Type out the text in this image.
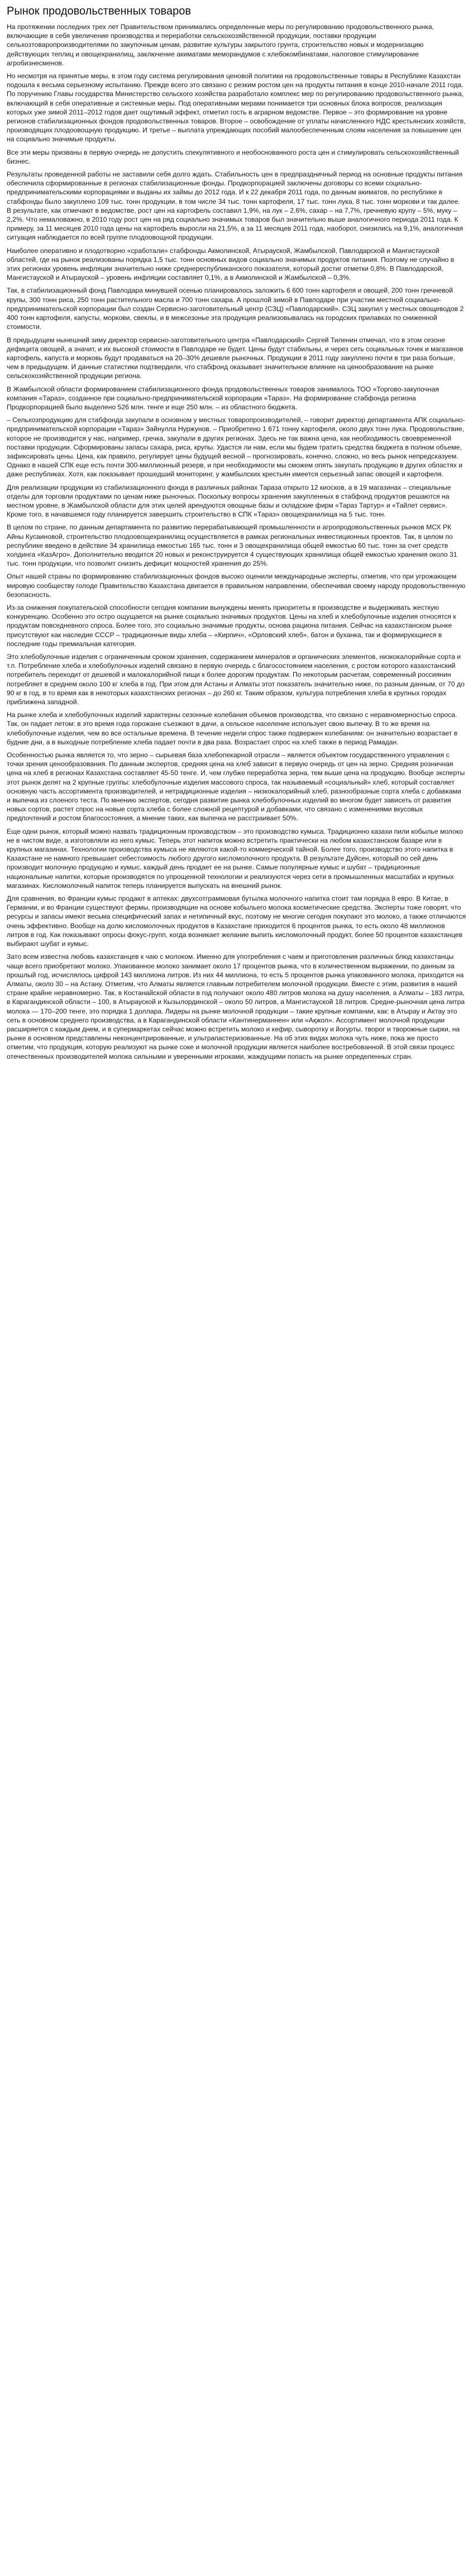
Рынок продовольственных товаров

На протяжении последних трех лет Правительством принимались определенные меры по регулированию продовольственного рынка, включающие в себя увеличение производства и переработки сельскохозяйственной продукции, поставки продукции сельхозтоваропроизводителями по закупочным ценам, развитие культуры закрытого грунта, строительство новых и модернизацию действующих теплиц и овощехранилищ, заключение акиматами меморандумов с хлебокомбинатами, налоговое стимулирование агробизнесменов.

Но несмотря на принятые меры, в этом году система регулирования ценовой политики на продовольственные товары в Республике Казахстан подошла к весьма серьезному испытанию. Прежде всего это связано с резким ростом цен на продукты питания в конце 2010-начале 2011 года. По поручению Главы государства Министерство сельского хозяйства разработало комплекс мер по регулированию продовольственного рынка, включающий в себя оперативные и системные меры. Под оперативными мерами понимается три основных блока вопросов, реализация которых уже зимой 2011–2012 годов дает ощутимый эффект, отметил гость в аграрном ведомстве. Первое – это формирование на уровне регионов стабилизационных фондов продовольственных товаров. Второе – освобождение от уплаты начисленного НДС крестьянских хозяйств, производящих плодоовощную продукцию. И третье – выплата упреждающих пособий малообеспеченным слоям населения за повышение цен на социально значимые продукты.

Все эти меры призваны в первую очередь не допустить спекулятивного и необоснованного роста цен и стимулировать сельскохозяйственный бизнес.

Результаты проведенной работы не заставили себя долго ждать. Стабильность цен в предпраздничный период на основные продукты питания обеспечила сформированные в регионах стабилизационные фонды. Продкорпорацией заключены договоры со всеми социально-предпринимательскими корпорациями и выданы их займы до 2012 года. И к 22 декабря 2011 года, по данным акиматов, по республике в стабфонды было закуплено 109 тыс. тонн продукции, в том числе 34 тыс. тонн картофеля, 17 тыс. тонн лука, 8 тыс. тонн моркови и так далее. В результате, как отмечают в ведомстве, рост цен на картофель составил 1,9%, на лук – 2,6%, сахар – на 7,7%, гречневую крупу – 5%, муку – 2,2%. Что немаловажно, в 2010 году рост цен на ряд социально значимых товаров был значительно выше аналогичного периода 2011 года. К примеру, за 11 месяцев 2010 года цены на картофель выросли на 21,5%, а за 11 месяцев 2011 года, наоборот, снизились на 9,1%, аналогичная ситуация наблюдается по всей группе плодоовощной продукции.

Наиболее оперативно и плодотворно «сработали» стабфонды Акмолинской, Атырауской, Жамбылской, Павлодарской и Мангистауской областей, где на рынок реализованы порядка 1,5 тыс. тонн основных видов социально значимых продуктов питания. Поэтому не случайно в этих регионах уровень инфляции значительно ниже среднереспубликанского показателя, который достиг отметки 0,8%. В Павлодарской, Мангистауской и Атырауской – уровень инфляции составляет 0,1%, а в Акмолинской и Жамбылской – 0,3%.

Так, в стабилизационный фонд Павлодара минувшей осенью планировалось заложить 6 600 тонн картофеля и овощей, 200 тонн гречневой крупы, 300 тонн риса, 250 тонн растительного масла и 700 тонн сахара. А прошлой зимой в Павлодаре при участии местной социально-предпринимательской корпорации был создан Сервисно-заготовительный центр (СЗЦ) «Павлодарский». СЗЦ закупил у местных овощеводов 2 400 тонн картофеля, капусты, моркови, свеклы, и в межсезонье эта продукция реализовывалась на городских прилавках по сниженной стоимости.

В предыдущем нынешний зиму директор сервисно-заготовительного центра «Павлодарский» Сергей Тиленин отмечал, что в этом сезоне дефицита овощей, а значит, и их высокой стоимости в Павлодаре не будет. Цены будут стабильны, и через сеть социальных точек и магазинов картофель, капуста и морковь будут продаваться на 20–30% дешевле рыночных. Продукции в 2011 году закуплено почти в три раза больше, чем в предыдущем. И данные статистики подтвердили, что стабфонд оказывает значительное влияние на ценообразование на рынке сельскохозяйственной продукции региона.

В Жамбылской области формированием стабилизационного фонда продовольственных товаров занималось ТОО «Торгово-закупочная компания «Тараз», созданное при социально-предпринимательской корпорации «Тараз». На формирование стабфонда региона Продкорпорацией было выделено 526 млн. тенге и еще 250 млн. – из областного бюджета.

– Сельхозпродукцию для стабфонда закупали в основном у местных товаропроизводителей, – говорит директор департамента АПК социально-предпринимательской корпорации «Тараз» Зайнулла Нуржунов. – Приобретено 1 671 тонну картофеля, около двух тонн лука. Продовольствие, которое не производится у нас, например, гречка, закупали в других регионах. Здесь не так важна цена, как необходимость своевременной поставки продукции. Сформированы запасы сахара, риса, крупы. Удастся ли нам, если мы будем тратить средства бюджета в полном объеме, зафиксировать цены. Цена, как правило, регулирует цены будущей весной – прогнозировать, конечно, сложно, но весь рынок непредсказуем. Однако в нашей СПК еще есть почти 300-миллионный резерв, и при необходимости мы сможем опять закупать продукцию в других областях и даже республиках. Хотя, как показывает прошедший мониторинг, у жамбылских крестьян имеется серьезный запас овощей и картофеля.

Для реализации продукции из стабилизационного фонда в различных районах Тараза открыто 12 киосков, а в 19 магазинах – специальные отделы для торговли продуктами по ценам ниже рыночных. Поскольку вопросы хранения закупленных в стабфонд продуктов решаются на местном уровне, в Жамбылской области для этих целей арендуются овощные базы и складские фирм «Тараз Тартур» и «Тайлет сервис». Кроме того, в начавшемся году планируется завершить строительство в СПК «Тараз» овощехранилища на 5 тыс. тонн.

В целом по стране, по данным департамента по развитию перерабатывающей промышленности и агропродовольственных рынков МСХ РК Айны Кусаиновой, строительство плодоовощехранилищ осуществляется в рамках региональных инвестиционных проектов. Так, в целом по республике введено в действие 34 хранилища емкостью 165 тыс. тонн и 3 овощехранилища общей емкостью 60 тыс. тонн за счет средств холдинга «КазАгро». Дополнительно вводится 20 новых и реконструируется 4 существующих хранилища общей емкостью хранения около 31 тыс. тонн продукции, что позволит снизить дефицит мощностей хранения до 25%.

Опыт нашей страны по формированию стабилизационных фондов высоко оценили международные эксперты, отметив, что при угрожающем мировую сообществу голоде Правительство Казахстана двигается в правильном направлении, обеспечивая своему народу продовольственную безопасность.

Из-за снижения покупательской способности сегодня компании вынуждены менять приоритеты в производстве и выдерживать жесткую конкуренцию. Особенно это остро ощущается на рынке социально значимых продуктов. Цены на хлеб и хлебобулочные изделия относятся к продуктам повседневного спроса. Более того, это социально значимые продукты, основа рациона питания. Сейчас на казахстанском рынке присутствуют как наследие СССР – традиционные виды хлеба – «Кирпич», «Орловский хлеб», батон и буханка, так и формирующиеся в последние годы премиальная категория.

Это хлебобулочные изделия с ограниченным сроком хранения, содержанием минералов и органических элементов, низкокалорийные сорта и т.п. Потребление хлеба и хлебобулочных изделий связано в первую очередь с благосостоянием населения, с ростом которого казахстанский потребитель переходит от дешевой и малокалорийной пищи к более дорогим продуктам. По некоторым расчетам, современный россиянин потребляет в среднем около 100 кг хлеба в год. При этом для Астаны и Алматы этот показатель значительно ниже, по разным данным, от 70 до 90 кг в год, в то время как в некоторых казахстанских регионах – до 260 кг. Таким образом, культура потребления хлеба в крупных городах приближена западной.

На рынке хлеба и хлебобулочных изделий характерны сезонные колебания объемов производства, что связано с неравномерностью спроса. Так, он падает летом: в это время года горожане съезжают в дачи, а сельское население использует свою выпечку. В то же время на хлебобулочные изделия, чем во все остальные времена. В течение недели спрос также подвержен колебаниям: он значительно возрастает в будние дни, а в выходные потребление хлеба падает почти в два раза. Возрастает спрос на хлеб также в период Рамадан.

Особенностью рынка является то, что зерно – сырьевая база хлебопекарной отрасли – является объектом государственного управления с точки зрения ценообразования. По данным экспертов, средняя цена на хлеб зависит в первую очередь от цен на зерно. Средняя розничная цена на хлеб в регионах Казахстана составляет 45-50 тенге. И, чем глубже переработка зерна, тем выше цена на продукцию. Вообще эксперты этот рынок делят на 2 крупные группы: хлебобулочные изделия массового спроса, так называемый «социальный» хлеб, который составляет основную часть ассортимента производителей, и нетрадиционные изделия – низкокалорийный хлеб, разнообразные сорта хлеба с добавками и выпечка из слоеного теста. По мнению экспертов, сегодня развитие рынка хлебобулочных изделий во многом будет зависеть от развития новых сортов, растет спрос на новые сорта хлеба с более сложной рецептурой и добавками, что связано с изменениями вкусовых предпочтений и ростом благосостояния, а мнение таких, как выпечка не расстраивает 50%.

Еще одни рынок, который можно назвать традиционным производством – это производство кумыса. Традиционно казахи пили кобылье молоко не в чистом виде, а изготовляли из него кумыс. Теперь этот напиток можно встретить практически на любом казахстанском базаре или в крупных магазинах. Технологии производства кумыса не являются какой-то коммерческой тайной. Более того, производство этого напитка в Казахстане не намного превышает себестоимость любого другого кисломолочного продукта. В результате Дуйсен, который по сей день производит молочную продукцию и кумыс, каждый день продает ее на рынке. Самые популярные кумыс и шубат – традиционные национальные напитки, которые производятся по упрощенной технологии и реализуются через сети в промышленных масштабах и крупных магазинах. Кисломолочный напиток теперь планируется выпускать на внешний рынок.

Для сравнения, во Франции кумыс продают в аптеках: двухсотграммовая бутылка молочного напитка стоит там порядка 8 евро. В Китае, в Германии, и во Франции существуют фермы, производящие на основе кобыльего молока косметические средства. Эксперты тоже говорят, что ресурсы и запасы имеют весьма специфический запах и нетипичный вкус, поэтому не многие сегодня покупают это молоко, а также отличаются очень эффективно. Вообще на долю кисломолочных продуктов в Казахстане приходится 6 процентов рынка, то есть около 48 миллионов литров в год. Как показывают опросы фокус-групп, когда возникает желание выпить кисломолочный продукт, более 50 процентов казахстанцев выбирают шубат и кумыс.

Зато всем известна любовь казахстанцев к чаю с молоком. Именно для употребления с чаем и приготовления различных блюд казахстанцы чаще всего приобретают молоко. Упакованное молоко занимает около 17 процентов рынка, что в количественном выражении, по данным за прошлый год, исчислялось цифрой 143 миллиона литров. Из них 44 миллиона, то есть 5 процентов рынка упакованного молока, приходится на Алматы, около 30 – на Астану. Отметим, что Алматы является главным потребителем молочной продукции. Вместе с этим, развития в нашей стране крайне неравномерно. Так, в Костанайской области в год получают около 480 литров молока на душу населения, а Алматы – 183 литра, в Карагандинской области – 100, в Атырауской и Кызылординской – около 50 литров, а Мангистауской 18 литров. Средне-рыночная цена литра молока — 170–200 тенге, это порядка 1 доллара. Лидеры на рынке молочной продукции – такие крупные компании, как: в Атырау и Актау это сеть в основном среднего производства, а в Карагандинской области «Кантинерманнен» или «Ақжол». Ассортимент молочной продукции расширяется с каждым днем, и в супермаркетах сейчас можно встретить молоко и кефир, сыворотку и йогурты, творог и творожные сырки, на рынке в основном представлены неконцентрированные, и ультрапастеризованные. На об этих видах молока чуть ниже, пока же просто отметим, что продукция, которую реализуют на рынке соке и молочной продукции является наиболее востребованной. В этой связи процесс отечественных производителей молока сильными и уверенными игроками, жаждущими попасть на рынке определенных стран.
